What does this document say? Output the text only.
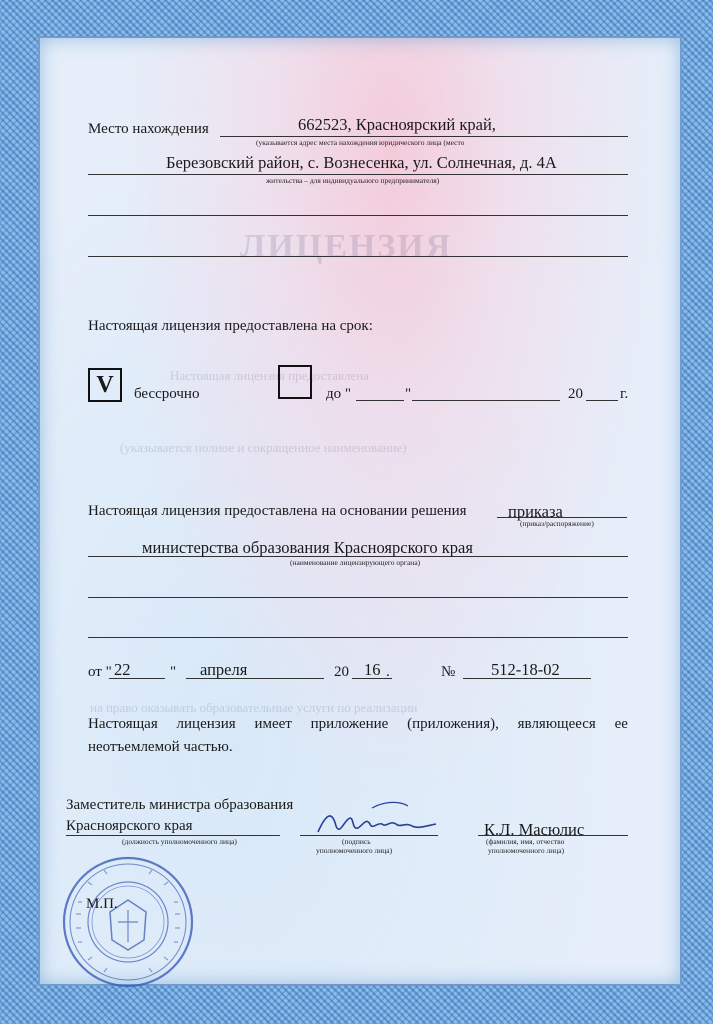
ЛИЦЕНЗИЯ
Настоящая лицензия предоставлена
(указывается полное и сокращенное наименование)
на право оказывать образовательные услуги по реализации
Место нахождения	662523, Красноярский край,
(указывается адрес места нахождения юридического лица (место
Березовский район, с. Вознесенка, ул. Солнечная, д. 4А
жительства – для индивидуального предпринимателя)
Настоящая лицензия предоставлена на срок:
V	бессрочно	до "	"	20 г.
Настоящая лицензия предоставлена на основании решения	приказа
(приказ/распоряжение)
министерства образования Красноярского края
(наименование лицензирующего органа)
от " 22	" апреля	20 16 .	№ 512-18-02
Настоящая лицензия имеет приложение (приложения), являющееся ее
неотъемлемой частью.
Заместитель министра образования
Красноярского края
(должность уполномоченного лица)	(подпись
уполномоченного лица)
К.Л. Масюлис
(фамилия, имя, отчество
уполномоченного лица)
М.П.
